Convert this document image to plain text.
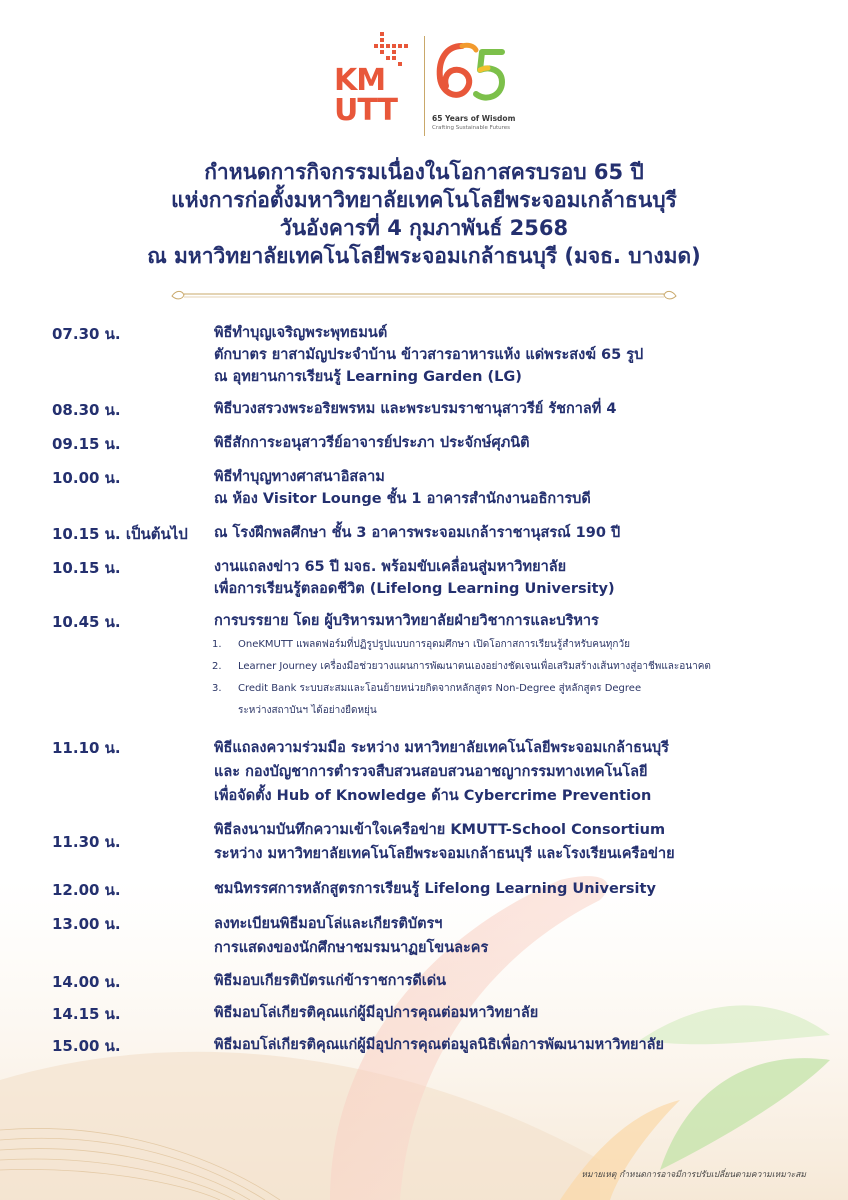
KM
UTT	65 Years of Wisdom
Crafting Sustainable Futures
กำหนดการกิจกรรมเนื่องในโอกาสครบรอบ 65 ปี
แห่งการก่อตั้งมหาวิทยาลัยเทคโนโลยีพระจอมเกล้าธนบุรี
วันอังคารที่ 4 กุมภาพันธ์ 2568
ณ มหาวิทยาลัยเทคโนโลยีพระจอมเกล้าธนบุรี (มจธ. บางมด)
07.30 น.	พิธีทำบุญเจริญพระพุทธมนต์
ตักบาตร ยาสามัญประจำบ้าน ข้าวสารอาหารแห้ง แด่พระสงฆ์ 65 รูป
ณ อุทยานการเรียนรู้ Learning Garden (LG)
08.30 น.	พิธีบวงสรวงพระอริยพรหม และพระบรมราชานุสาวรีย์ รัชกาลที่ 4
09.15 น.	พิธีสักการะอนุสาวรีย์อาจารย์ประภา ประจักษ์ศุภนิติ
10.00 น.	พิธีทำบุญทางศาสนาอิสลาม
ณ ห้อง Visitor Lounge ชั้น 1 อาคารสำนักงานอธิการบดี
10.15 น. เป็นต้นไป ณ โรงฝึกพลศึกษา ชั้น 3 อาคารพระจอมเกล้าราชานุสรณ์ 190 ปี
10.15 น.	งานแถลงข่าว 65 ปี มจธ. พร้อมขับเคลื่อนสู่มหาวิทยาลัย
เพื่อการเรียนรู้ตลอดชีวิต (Lifelong Learning University)
10.45 น.	การบรรยาย โดย ผู้บริหารมหาวิทยาลัยฝ่ายวิชาการและบริหาร
1.	OneKMUTT แพลตฟอร์มที่ปฏิรูปรูปแบบการอุดมศึกษา เปิดโอกาสการเรียนรู้สำหรับคนทุกวัย
2.	Learner Journey เครื่องมือช่วยวางแผนการพัฒนาตนเองอย่างชัดเจนเพื่อเสริมสร้างเส้นทางสู่อาชีพและอนาคต
3.	Credit Bank ระบบสะสมและโอนย้ายหน่วยกิตจากหลักสูตร Non-Degree สู่หลักสูตร Degree
ระหว่างสถาบันฯ ได้อย่างยืดหยุ่น
11.10 น.	พิธีแถลงความร่วมมือ ระหว่าง มหาวิทยาลัยเทคโนโลยีพระจอมเกล้าธนบุรี
และ กองบัญชาการตำรวจสืบสวนสอบสวนอาชญากรรมทางเทคโนโลยี
เพื่อจัดตั้ง Hub of Knowledge ด้าน Cybercrime Prevention
11.30 น.
พิธีลงนามบันทึกความเข้าใจเครือข่าย KMUTT-School Consortium
ระหว่าง มหาวิทยาลัยเทคโนโลยีพระจอมเกล้าธนบุรี และโรงเรียนเครือข่าย
12.00 น.	ชมนิทรรศการหลักสูตรการเรียนรู้ Lifelong Learning University
13.00 น.	ลงทะเบียนพิธีมอบโล่และเกียรติบัตรฯ
การแสดงของนักศึกษาชมรมนาฏยโขนละคร
14.00 น.	พิธีมอบเกียรติบัตรแก่ข้าราชการดีเด่น
14.15 น.	พิธีมอบโล่เกียรติคุณแก่ผู้มีอุปการคุณต่อมหาวิทยาลัย
15.00 น.	พิธีมอบโล่เกียรติคุณแก่ผู้มีอุปการคุณต่อมูลนิธิเพื่อการพัฒนามหาวิทยาลัย
หมายเหตุ กำหนดการอาจมีการปรับเปลี่ยนตามความเหมาะสม
